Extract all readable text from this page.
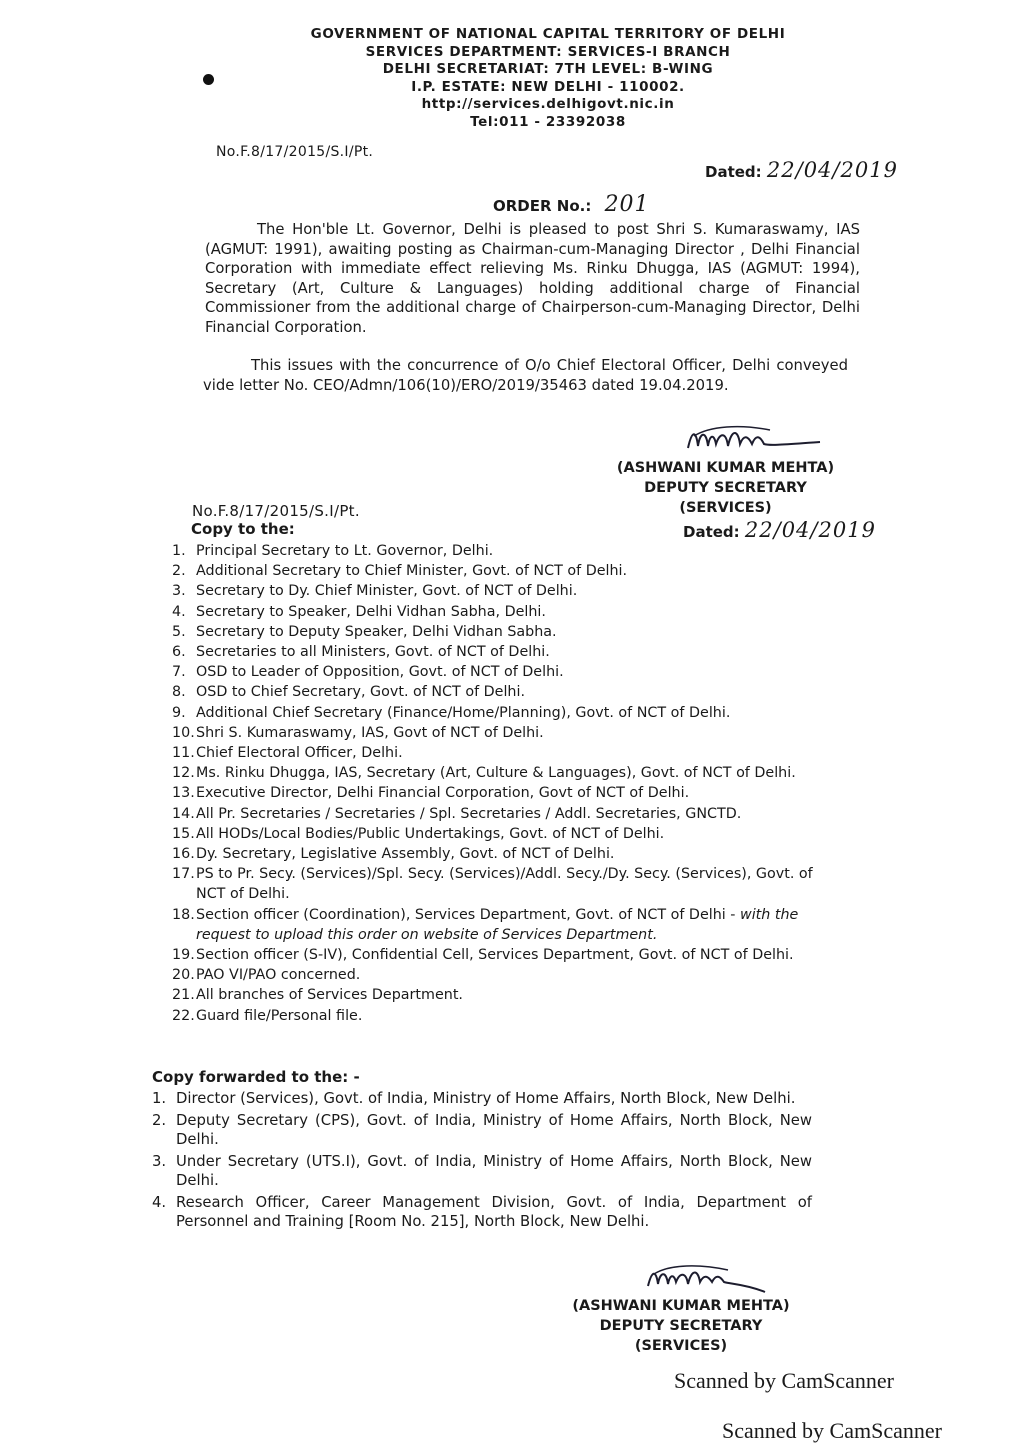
GOVERNMENT OF NATIONAL CAPITAL TERRITORY OF DELHI
SERVICES DEPARTMENT: SERVICES-I BRANCH
DELHI SECRETARIAT: 7TH LEVEL: B-WING
I.P. ESTATE: NEW DELHI - 110002.
http://services.delhigovt.nic.in
Tel:011 - 23392038
No.F.8/17/2015/S.I/Pt.
Dated: 22/04/2019
ORDER No.: 201
The Hon'ble Lt. Governor, Delhi is pleased to post Shri S. Kumaraswamy, IAS (AGMUT: 1991), awaiting posting as Chairman-cum-Managing Director , Delhi Financial Corporation with immediate effect relieving Ms. Rinku Dhugga, IAS (AGMUT: 1994), Secretary (Art, Culture & Languages) holding additional charge of Financial Commissioner from the additional charge of Chairperson-cum-Managing Director, Delhi Financial Corporation.
This issues with the concurrence of O/o Chief Electoral Officer, Delhi conveyed vide letter No. CEO/Admn/106(10)/ERO/2019/35463 dated 19.04.2019.
(ASHWANI KUMAR MEHTA)
DEPUTY SECRETARY (SERVICES)
No.F.8/17/2015/S.I/Pt.
Copy to the:	Dated: 22/04/2019
1. Principal Secretary to Lt. Governor, Delhi.
2. Additional Secretary to Chief Minister, Govt. of NCT of Delhi.
3. Secretary to Dy. Chief Minister, Govt. of NCT of Delhi.
4. Secretary to Speaker, Delhi Vidhan Sabha, Delhi.
5. Secretary to Deputy Speaker, Delhi Vidhan Sabha.
6. Secretaries to all Ministers, Govt. of NCT of Delhi.
7. OSD to Leader of Opposition, Govt. of NCT of Delhi.
8. OSD to Chief Secretary, Govt. of NCT of Delhi.
9. Additional Chief Secretary (Finance/Home/Planning), Govt. of NCT of Delhi.
10. Shri S. Kumaraswamy, IAS, Govt of NCT of Delhi.
11. Chief Electoral Officer, Delhi.
12. Ms. Rinku Dhugga, IAS, Secretary (Art, Culture & Languages), Govt. of NCT of Delhi.
13. Executive Director, Delhi Financial Corporation, Govt of NCT of Delhi.
14. All Pr. Secretaries / Secretaries / Spl. Secretaries / Addl. Secretaries, GNCTD.
15. All HODs/Local Bodies/Public Undertakings, Govt. of NCT of Delhi.
16. Dy. Secretary, Legislative Assembly, Govt. of NCT of Delhi.
17. PS to Pr. Secy. (Services)/Spl. Secy. (Services)/Addl. Secy./Dy. Secy. (Services), Govt. of NCT of Delhi.
18. Section officer (Coordination), Services Department, Govt. of NCT of Delhi - with the request to upload this order on website of Services Department.
19. Section officer (S-IV), Confidential Cell, Services Department, Govt. of NCT of Delhi.
20. PAO VI/PAO concerned.
21. All branches of Services Department.
22. Guard file/Personal file.
Copy forwarded to the: -
1. Director (Services), Govt. of India, Ministry of Home Affairs, North Block, New Delhi.
2. Deputy Secretary (CPS), Govt. of India, Ministry of Home Affairs, North Block, New Delhi.
3. Under Secretary (UTS.I), Govt. of India, Ministry of Home Affairs, North Block, New Delhi.
4. Research Officer, Career Management Division, Govt. of India, Department of Personnel and Training [Room No. 215], North Block, New Delhi.
(ASHWANI KUMAR MEHTA)
DEPUTY SECRETARY (SERVICES)
Scanned by CamScanner
Scanned by CamScanner
